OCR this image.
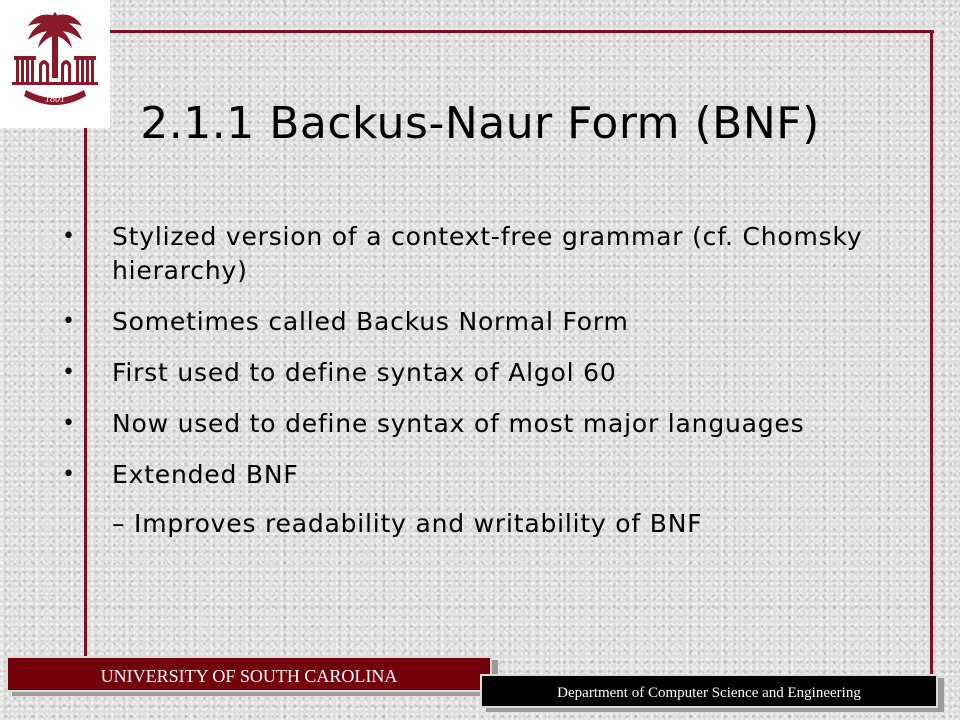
1801	2.1.1 Backus-Naur Form (BNF)
• Stylized version of a context-free grammar (cf. Chomsky hierarchy)
• Sometimes called Backus Normal Form
• First used to define syntax of Algol 60
• Now used to define syntax of most major languages
• Extended BNF
– Improves readability and writability of BNF
UNIVERSITY OF SOUTH CAROLINA
Department of Computer Science and Engineering
